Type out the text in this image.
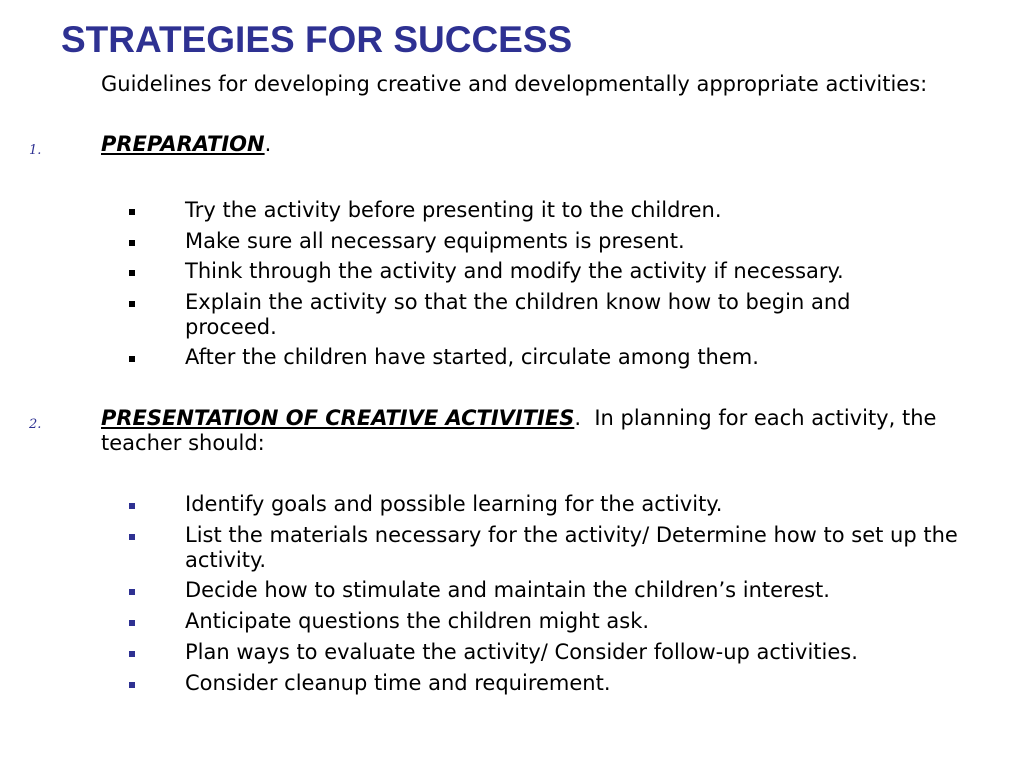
STRATEGIES FOR SUCCESS
Guidelines for developing creative and developmentally appropriate activities:
1.	PREPARATION.
Try the activity before presenting it to the children.
Make sure all necessary equipments is present.
Think through the activity and modify the activity if necessary.
Explain the activity so that the children know how to begin and proceed.
After the children have started, circulate among them.
2.	PRESENTATION OF CREATIVE ACTIVITIES.  In planning for each activity, the teacher should:
Identify goals and possible learning for the activity.
List the materials necessary for the activity/ Determine how to set up the activity.
Decide how to stimulate and maintain the children’s interest.
Anticipate questions the children might ask.
Plan ways to evaluate the activity/ Consider follow-up activities.
Consider cleanup time and requirement.
